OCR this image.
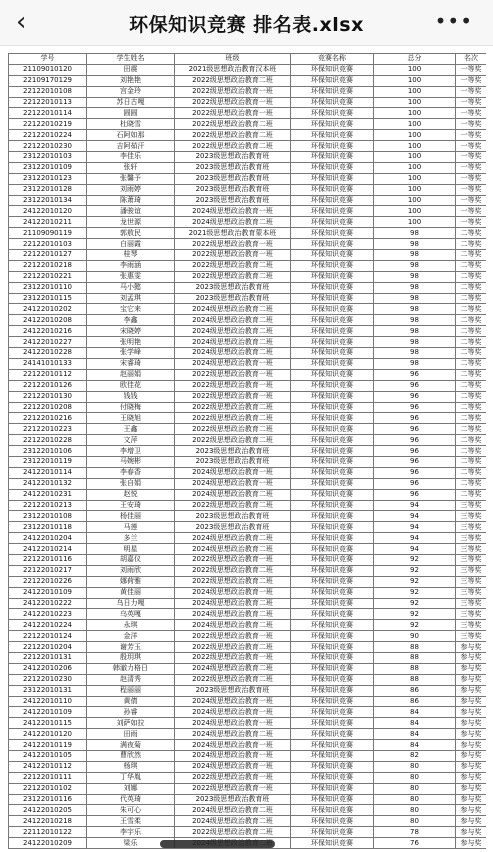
‹	环保知识竞赛 排名表.xlsx	•••
学号	学生姓名	班级	竞赛名称	总分	名次
21109010120	田震	2021级思想政治教育汉本班	环保知识竞赛	100	一等奖
22109170129	刘艳艳	2022级思想政治教育二班	环保知识竞赛	100	一等奖
22122010108	宫金玲	2022级思想政治教育一班	环保知识竞赛	100	一等奖
22122010113	苏日古嘎	2022级思想政治教育一班	环保知识竞赛	100	一等奖
22122010114	圆圆	2022级思想政治教育一班	环保知识竞赛	100	一等奖
22122010219	杜晓雪	2022级思想政治教育二班	环保知识竞赛	100	一等奖
22122010224	石阿如那	2022级思想政治教育二班	环保知识竞赛	100	一等奖
22122010230	吉阿茹汗	2022级思想政治教育二班	环保知识竞赛	100	一等奖
23122010103	李佳乐	2023级思想政治教育班	环保知识竞赛	100	一等奖
23122010109	张轩	2023级思想政治教育班	环保知识竞赛	100	一等奖
23122010123	张馨予	2023级思想政治教育班	环保知识竞赛	100	一等奖
23122010128	刘雨婷	2023级思想政治教育班	环保知识竞赛	100	一等奖
23122010134	陈萧琦	2023级思想政治教育班	环保知识竞赛	100	一等奖
24122010120	潘骏谊	2024级思想政治教育一班	环保知识竞赛	100	一等奖
24122010211	龙世源	2024级思想政治教育二班	环保知识竞赛	100	一等奖
21109090119	郭敖民	2021级思想政治教育蒙本班	环保知识竞赛	98	二等奖
22122010103	白丽霞	2022级思想政治教育一班	环保知识竞赛	98	二等奖
22122010127	桂琴	2022级思想政治教育一班	环保知识竞赛	98	二等奖
22122010218	李雨涵	2022级思想政治教育二班	环保知识竞赛	98	二等奖
22122010221	张惠雯	2022级思想政治教育二班	环保知识竞赛	98	二等奖
23122010110	马小懿	2023级思想政治教育班	环保知识竞赛	98	二等奖
23122010115	刘孟琪	2023级思想政治教育班	环保知识竞赛	98	二等奖
24122010202	宝它来	2024级思想政治教育二班	环保知识竞赛	98	二等奖
24122010208	李鑫	2024级思想政治教育二班	环保知识竞赛	98	二等奖
24122010216	宋晓婷	2024级思想政治教育二班	环保知识竞赛	98	二等奖
24122010227	张明艳	2024级思想政治教育二班	环保知识竞赛	98	二等奖
24122010228	张学峰	2024级思想政治教育二班	环保知识竞赛	98	二等奖
24141010133	宋睿琦	2024级思想政治教育一班	环保知识竞赛	98	二等奖
22122010112	赵丽娟	2022级思想政治教育一班	环保知识竞赛	96	二等奖
22122010126	欧佳花	2022级思想政治教育一班	环保知识竞赛	96	二等奖
22122010130	钱钱	2022级思想政治教育一班	环保知识竞赛	96	二等奖
22122010208	付晓梅	2022级思想政治教育二班	环保知识竞赛	96	二等奖
22122010216	王晓旭	2022级思想政治教育二班	环保知识竞赛	96	二等奖
22122010223	王鑫	2022级思想政治教育二班	环保知识竞赛	96	二等奖
22122010228	文萍	2022级思想政治教育二班	环保知识竞赛	96	二等奖
23122010106	李增卫	2023级思想政治教育班	环保知识竞赛	96	二等奖
23122010119	马婉彬	2023级思想政治教育班	环保知识竞赛	96	二等奖
24122010114	李春香	2024级思想政治教育一班	环保知识竞赛	96	二等奖
24122010132	张自娟	2024级思想政治教育一班	环保知识竞赛	96	二等奖
24122010231	赵悦	2024级思想政治教育二班	环保知识竞赛	96	二等奖
22122010213	王安琦	2022级思想政治教育二班	环保知识竞赛	94	三等奖
23122010108	杨佳丽	2023级思想政治教育班	环保知识竞赛	94	三等奖
23122010118	马莲	2023级思想政治教育班	环保知识竞赛	94	三等奖
24122010204	多兰	2024级思想政治教育二班	环保知识竞赛	94	三等奖
24122010214	明星	2024级思想政治教育二班	环保知识竞赛	94	三等奖
22122010116	胡嘉仪	2022级思想政治教育一班	环保知识竞赛	92	三等奖
22122010217	刘雨欣	2022级思想政治教育二班	环保知识竞赛	92	三等奖
22122010226	娜荷雅	2022级思想政治教育二班	环保知识竞赛	92	三等奖
24122010109	黄佳丽	2024级思想政治教育一班	环保知识竞赛	92	三等奖
24122010222	乌日力嘎	2024级思想政治教育二班	环保知识竞赛	92	三等奖
24122010223	乌英嘎	2024级思想政治教育二班	环保知识竞赛	92	三等奖
24122010224	永琪	2024级思想政治教育二班	环保知识竞赛	92	三等奖
22122010124	金洋	2022级思想政治教育一班	环保知识竞赛	90	三等奖
22122010204	谢芳玉	2022级思想政治教育二班	环保知识竞赛	88	参与奖
22122010131	殷玥琪	2022级思想政治教育一班	环保知识竞赛	88	参与奖
24122010206	韩澈力格日	2024级思想政治教育二班	环保知识竞赛	88	参与奖
22122010230	赵清秀	2022级思想政治教育二班	环保知识竞赛	88	参与奖
23122010131	程丽丽	2023级思想政治教育班	环保知识竞赛	86	参与奖
24122010110	黄倩	2024级思想政治教育一班	环保知识竞赛	86	参与奖
24122010109	孙睿	2024级思想政治教育一班	环保知识竞赛	84	参与奖
24122010115	刘萨如拉	2024级思想政治教育一班	环保知识竞赛	84	参与奖
24122010120	田雨	2024级思想政治教育二班	环保知识竞赛	84	参与奖
24122010119	满夜菊	2024级思想政治教育一班	环保知识竞赛	84	参与奖
24122010105	曹欣然	2024级思想政治教育一班	环保知识竞赛	82	参与奖
24122010112	杨琪	2024级思想政治教育一班	环保知识竞赛	80	参与奖
22122010111	丁华胤	2022级思想政治教育一班	环保知识竞赛	80	参与奖
22122010102	刘娜	2022级思想政治教育一班	环保知识竞赛	80	参与奖
23122010116	代英琦	2023级思想政治教育班	环保知识竞赛	80	参与奖
24122010205	朱可心	2024级思想政治教育二班	环保知识竞赛	80	参与奖
24122010218	王雪柔	2024级思想政治教育二班	环保知识竞赛	80	参与奖
22112010122	李宇乐	2022级思想政治教育二班	环保知识竞赛	78	参与奖
24122010209	梁乐		环保知识竞赛	76	参与奖
